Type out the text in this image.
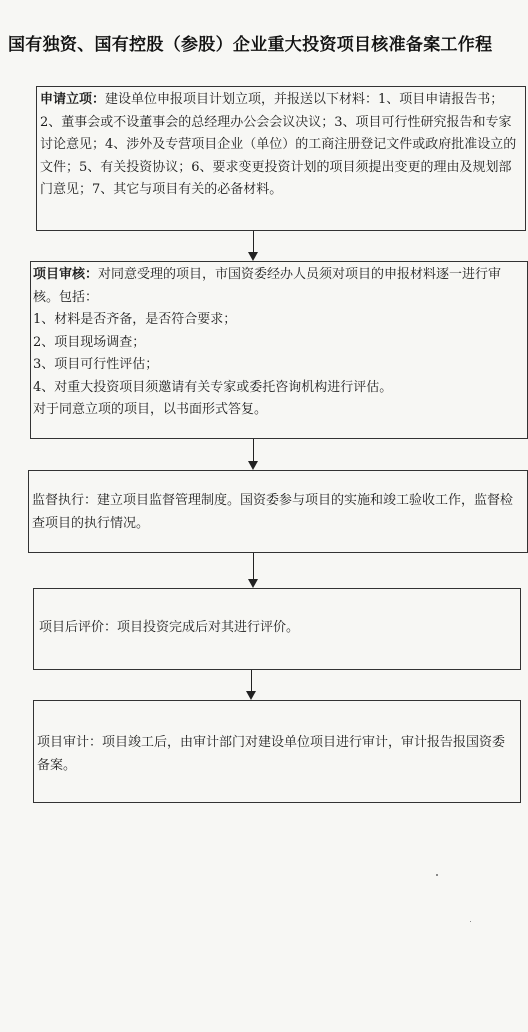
国有独资、国有控股（参股）企业重大投资项目核准备案工作程
申请立项：建设单位申报项目计划立项，并报送以下材料：1、项目申请报告书；2、董事会或不设董事会的总经理办公会会议决议；3、项目可行性研究报告和专家讨论意见；4、涉外及专营项目企业（单位）的工商注册登记文件或政府批准设立的文件；5、有关投资协议；6、要求变更投资计划的项目须提出变更的理由及规划部门意见；7、其它与项目有关的必备材料。
项目审核：对同意受理的项目，市国资委经办人员须对项目的申报材料逐一进行审核。包括：
1、材料是否齐备，是否符合要求；
2、项目现场调查；
3、项目可行性评估；
4、对重大投资项目须邀请有关专家或委托咨询机构进行评估。
对于同意立项的项目，以书面形式答复。
监督执行：建立项目监督管理制度。国资委参与项目的实施和竣工验收工作，监督检查项目的执行情况。
项目后评价：项目投资完成后对其进行评价。
项目审计：项目竣工后，由审计部门对建设单位项目进行审计，审计报告报国资委备案。
